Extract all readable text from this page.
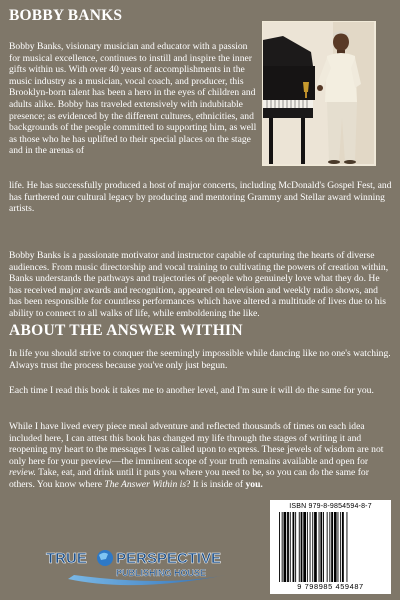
BOBBY BANKS

Bobby Banks, visionary musician and educator with a passion for musical excellence, continues to instill and inspire the inner gifts within us. With over 40 years of accomplishments in the music industry as a musician, vocal coach, and producer, this Brooklyn-born talent has been a hero in the eyes of children and adults alike. Bobby has traveled extensively with indubitable presence; as evidenced by the different cultures, ethnicities, and backgrounds of the people committed to supporting him, as well as those who he has uplifted to their special places on the stage and in the arenas of

life. He has successfully produced a host of major concerts, including McDonald's Gospel Fest, and has furthered our cultural legacy by producing and mentoring Grammy and Stellar award winning artists.

Bobby Banks is a passionate motivator and instructor capable of capturing the hearts of diverse audiences. From music directorship and vocal training to cultivating the powers of creation within, Banks understands the pathways and trajectories of people who genuinely love what they do. He has received major awards and recognition, appeared on television and weekly radio shows, and has been responsible for countless performances which have altered a multitude of lives due to his ability to connect to all walks of life, while emboldening the like.

ABOUT THE ANSWER WITHIN

In life you should strive to conquer the seemingly impossible while dancing like no one's watching. Always trust the process because you've only just begun.

Each time I read this book it takes me to another level, and I'm sure it will do the same for you.

While I have lived every piece meal adventure and reflected thousands of times on each idea included here, I can attest this book has changed my life through the stages of writing it and reopening my heart to the messages I was called upon to express. These jewels of wisdom are not only here for your preview—the imminent scope of your truth remains available and open for review. Take, eat, and drink until it puts you where you need to be, so you can do the same for others. You know where The Answer Within is? It is inside of you.

TRUE PERSPECTIVE
PUBLISHING HOUSE
ISBN 979-8-9854594-8-7
9 798985 459487
